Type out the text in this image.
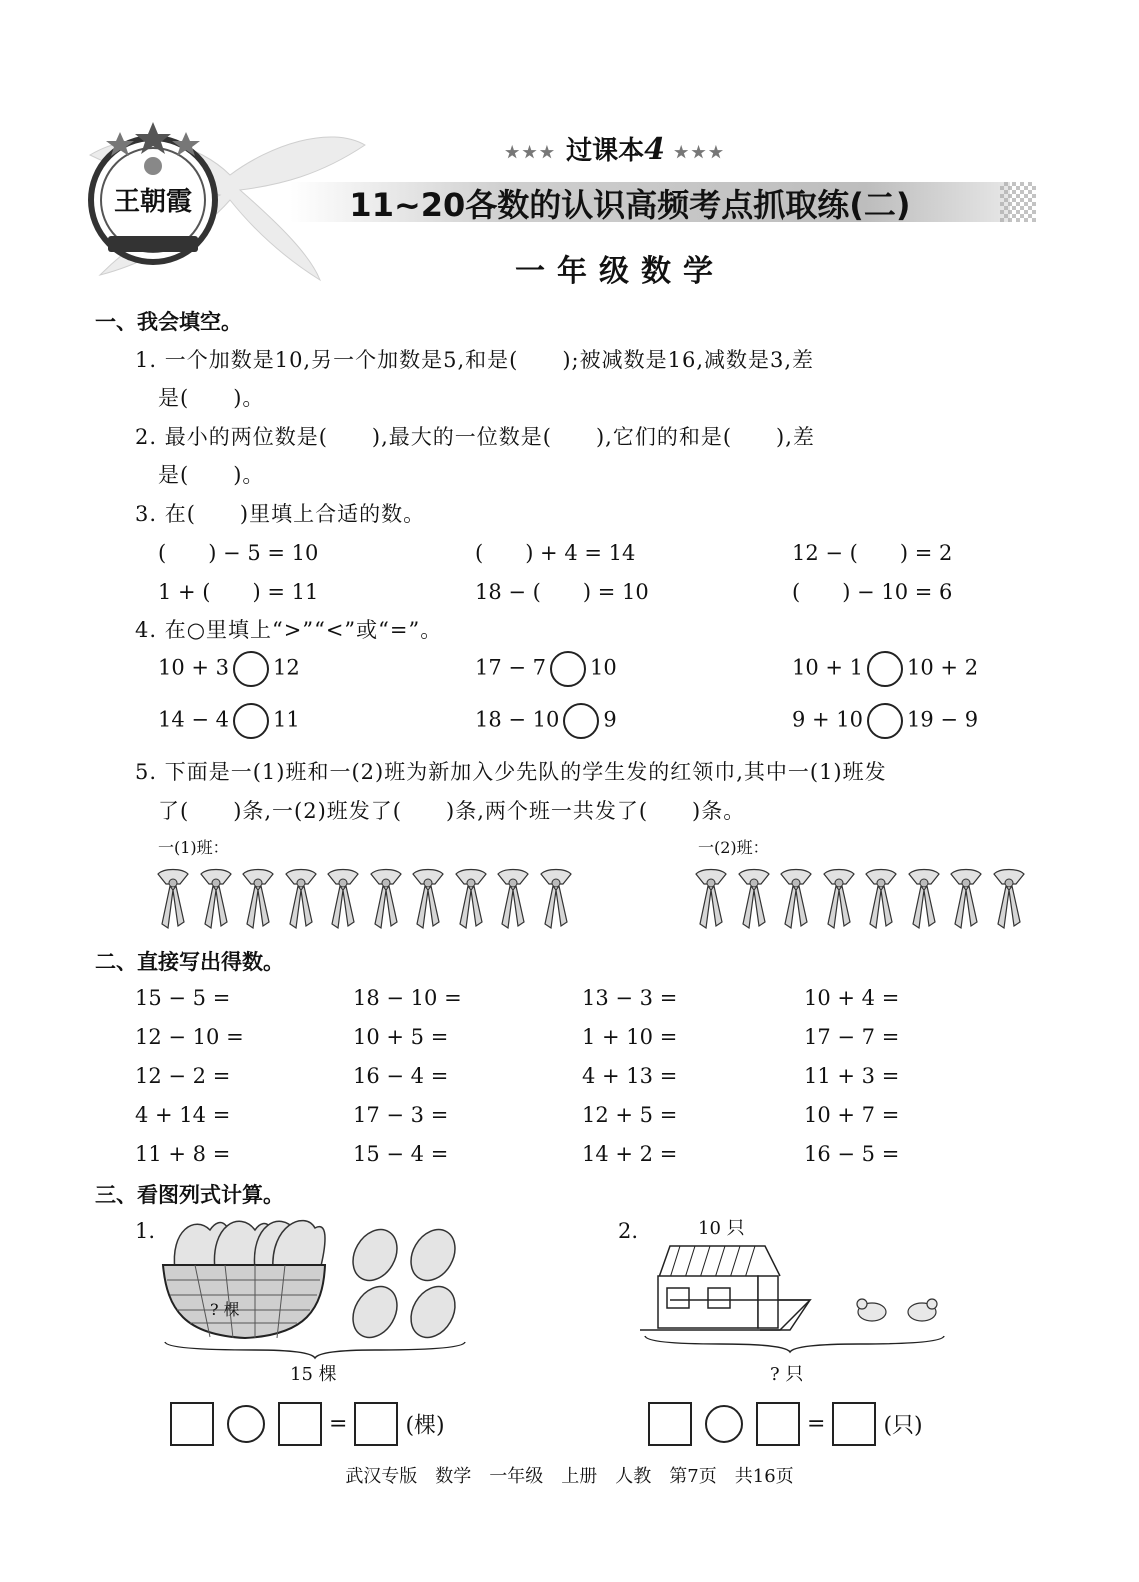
王朝霞
★★★ 过课本4 ★★★
11~20各数的认识高频考点抓取练(二)
一年级数学
一、我会填空。
1. 一个加数是10,另一个加数是5,和是(　　);被减数是16,减数是3,差
是(　　)。
2. 最小的两位数是(　　),最大的一位数是(　　),它们的和是(　　),差
是(　　)。
3. 在(　　)里填上合适的数。
(　　) − 5 = 10	(　　) + 4 = 14	12 − (　　) = 2
1 + (　　) = 11	18 − (　　) = 10	(　　) − 10 = 6
4. 在○里填上“>”“<”或“=”。
10 + 3 12	17 − 7 10	10 + 1 10 + 2
14 − 4 11	18 − 10 9	9 + 10 19 − 9
5. 下面是一(1)班和一(2)班为新加入少先队的学生发的红领巾,其中一(1)班发
了(　　)条,一(2)班发了(　　)条,两个班一共发了(　　)条。
一(1)班：	一(2)班：
二、直接写出得数。
15 − 5 =	18 − 10 =	13 − 3 =	10 + 4 =
12 − 10 =	10 + 5 =	1 + 10 =	17 − 7 =
12 − 2 =	16 − 4 =	4 + 13 =	11 + 3 =
4 + 14 =	17 − 3 =	12 + 5 =	10 + 7 =
11 + 8 =	15 − 4 =	14 + 2 =	16 − 5 =
三、看图列式计算。
1.
? 棵
15 棵
=	(棵)
2.	10 只
? 只
=	(只)
武汉专版　数学　一年级　上册　人教　第7页　共16页
